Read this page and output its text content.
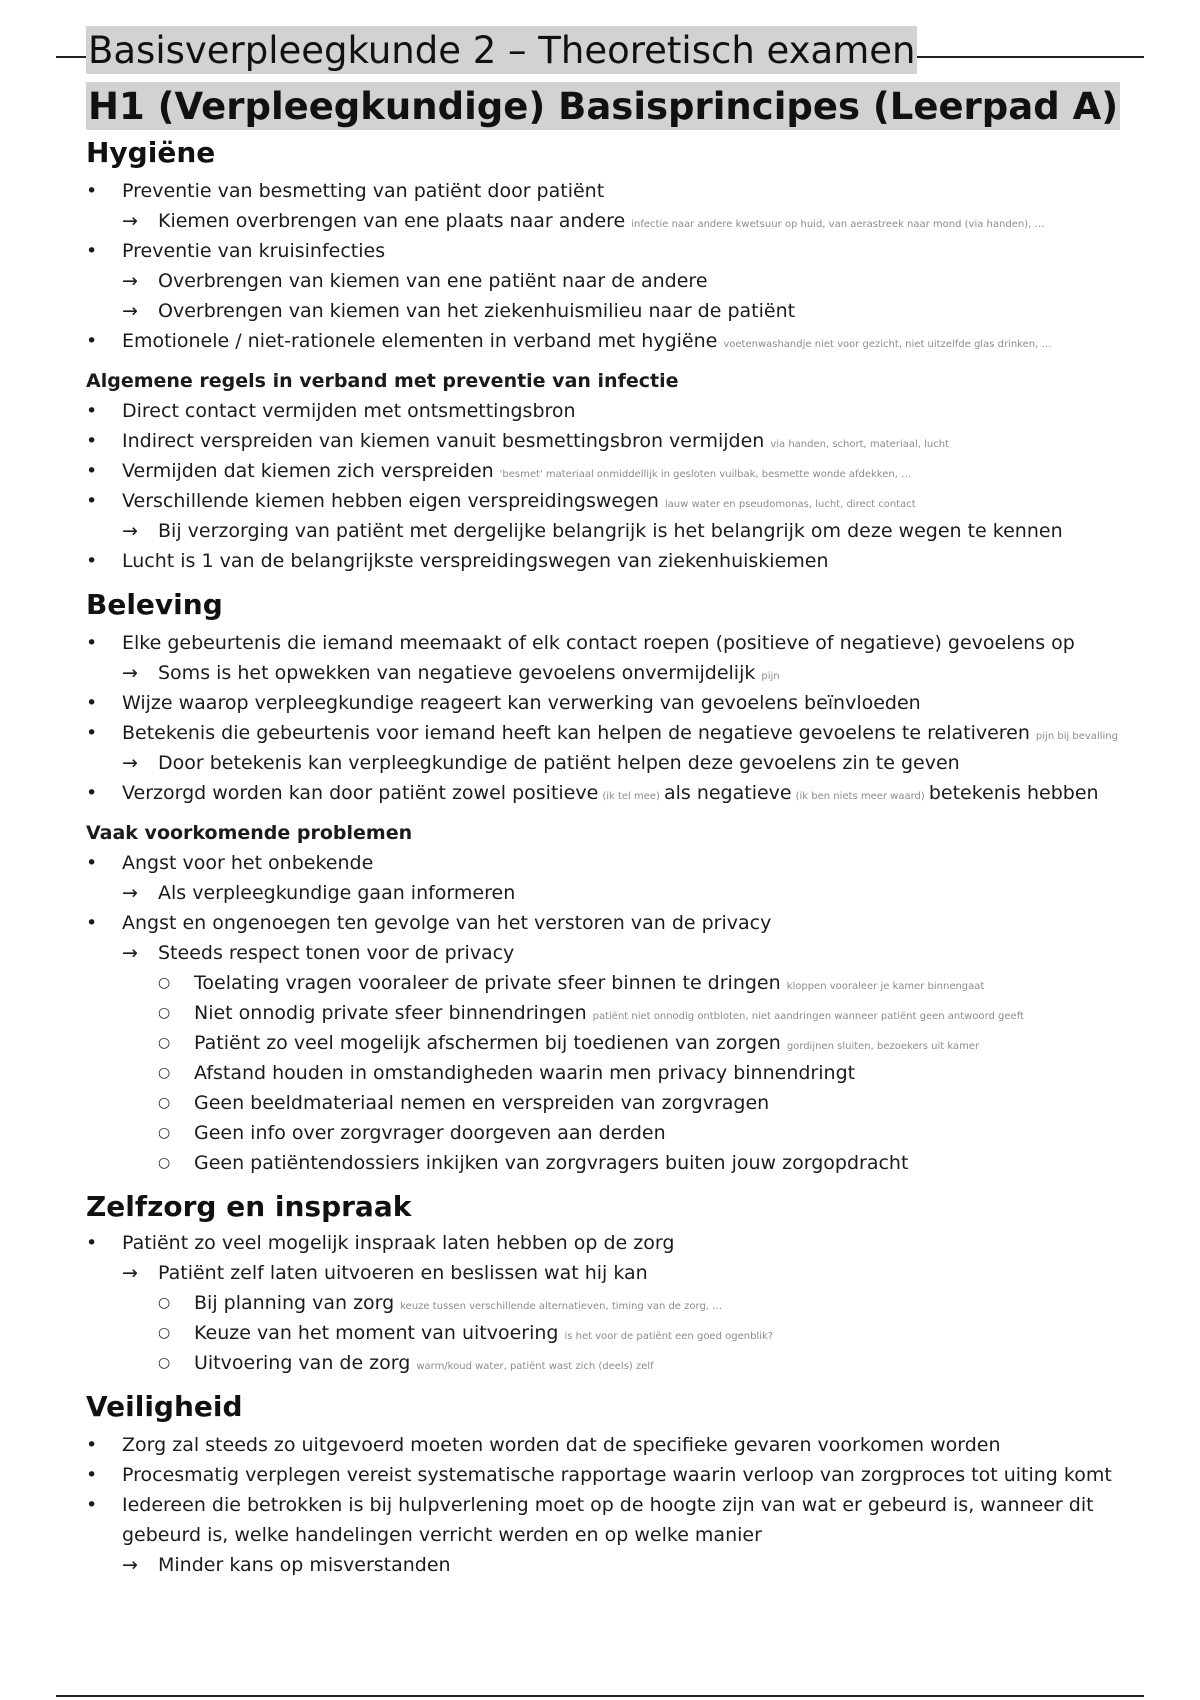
Basisverpleegkunde 2 – Theoretisch examen
H1 (Verpleegkundige) Basisprincipes (Leerpad A)
Hygiëne
• Preventie van besmetting van patiënt door patiënt
→ Kiemen overbrengen van ene plaats naar andere infectie naar andere kwetsuur op huid, van aerastreek naar mond (via handen), …
• Preventie van kruisinfecties
→ Overbrengen van kiemen van ene patiënt naar de andere
→ Overbrengen van kiemen van het ziekenhuismilieu naar de patiënt
• Emotionele / niet-rationele elementen in verband met hygiëne voetenwashandje niet voor gezicht, niet uitzelfde glas drinken, …
Algemene regels in verband met preventie van infectie
• Direct contact vermijden met ontsmettingsbron
• Indirect verspreiden van kiemen vanuit besmettingsbron vermijden via handen, schort, materiaal, lucht
• Vermijden dat kiemen zich verspreiden 'besmet' materiaal onmiddellijk in gesloten vuilbak, besmette wonde afdekken, …
• Verschillende kiemen hebben eigen verspreidingswegen lauw water en pseudomonas, lucht, direct contact
→ Bij verzorging van patiënt met dergelijke belangrijk is het belangrijk om deze wegen te kennen
• Lucht is 1 van de belangrijkste verspreidingswegen van ziekenhuiskiemen
Beleving
• Elke gebeurtenis die iemand meemaakt of elk contact roepen (positieve of negatieve) gevoelens op
→ Soms is het opwekken van negatieve gevoelens onvermijdelijk pijn
• Wijze waarop verpleegkundige reageert kan verwerking van gevoelens beïnvloeden
• Betekenis die gebeurtenis voor iemand heeft kan helpen de negatieve gevoelens te relativeren pijn bij bevalling
→ Door betekenis kan verpleegkundige de patiënt helpen deze gevoelens zin te geven
• Verzorgd worden kan door patiënt zowel positieve (ik tel mee) als negatieve (ik ben niets meer waard) betekenis hebben
Vaak voorkomende problemen
• Angst voor het onbekende
→ Als verpleegkundige gaan informeren
• Angst en ongenoegen ten gevolge van het verstoren van de privacy
→ Steeds respect tonen voor de privacy
○ Toelating vragen vooraleer de private sfeer binnen te dringen kloppen vooraleer je kamer binnengaat
○ Niet onnodig private sfeer binnendringen patiënt niet onnodig ontbloten, niet aandringen wanneer patiënt geen antwoord geeft
○ Patiënt zo veel mogelijk afschermen bij toedienen van zorgen gordijnen sluiten, bezoekers uit kamer
○ Afstand houden in omstandigheden waarin men privacy binnendringt
○ Geen beeldmateriaal nemen en verspreiden van zorgvragen
○ Geen info over zorgvrager doorgeven aan derden
○ Geen patiëntendossiers inkijken van zorgvragers buiten jouw zorgopdracht
Zelfzorg en inspraak
• Patiënt zo veel mogelijk inspraak laten hebben op de zorg
→ Patiënt zelf laten uitvoeren en beslissen wat hij kan
○ Bij planning van zorg keuze tussen verschillende alternatieven, timing van de zorg, …
○ Keuze van het moment van uitvoering is het voor de patiënt een goed ogenblik?
○ Uitvoering van de zorg warm/koud water, patiënt wast zich (deels) zelf
Veiligheid
• Zorg zal steeds zo uitgevoerd moeten worden dat de specifieke gevaren voorkomen worden
• Procesmatig verplegen vereist systematische rapportage waarin verloop van zorgproces tot uiting komt
• Iedereen die betrokken is bij hulpverlening moet op de hoogte zijn van wat er gebeurd is, wanneer dit gebeurd is, welke handelingen verricht werden en op welke manier
→ Minder kans op misverstanden
